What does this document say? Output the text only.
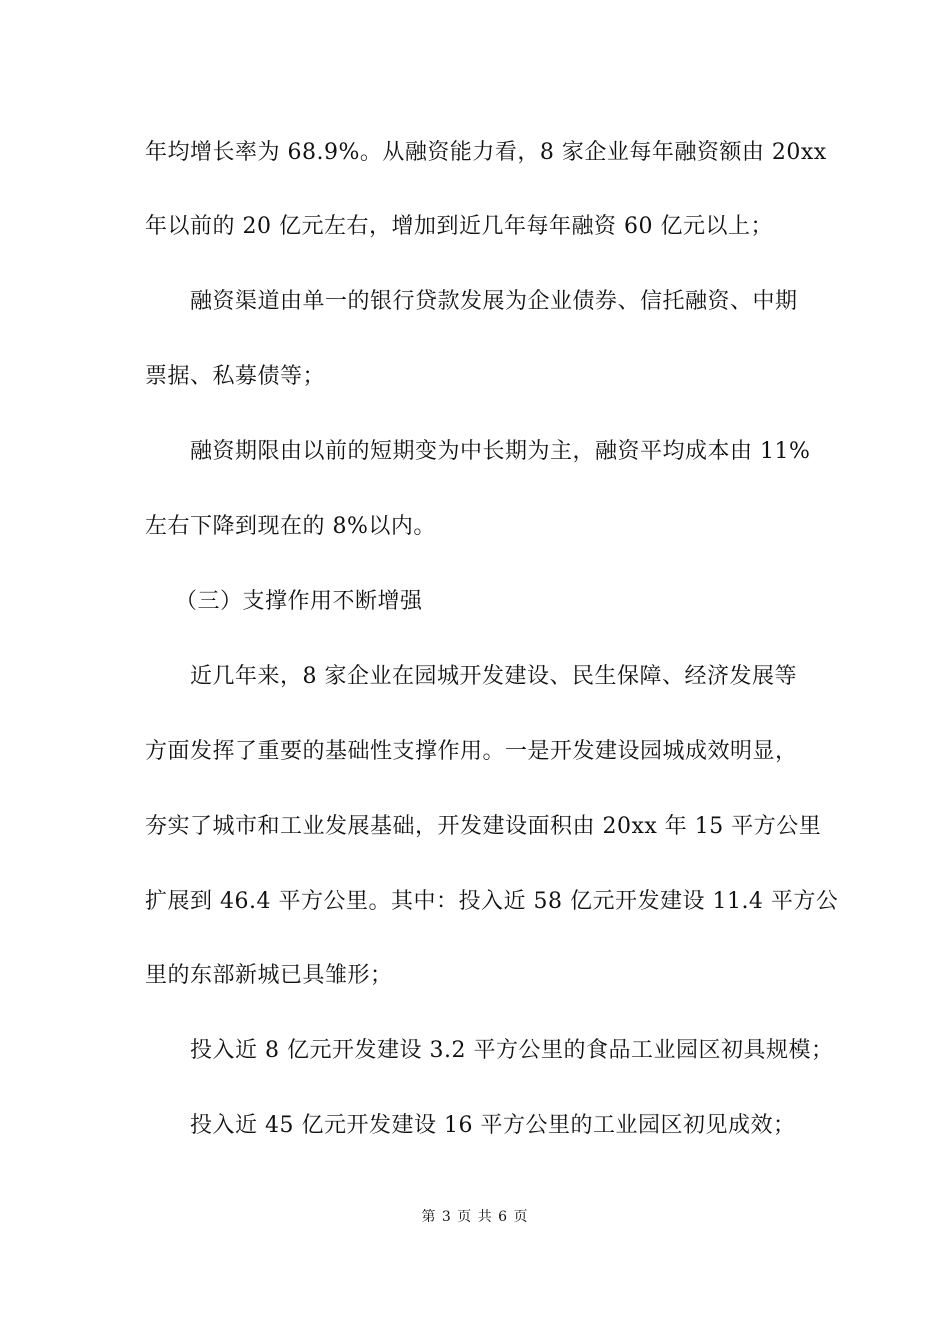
年均增长率为 68.9%。从融资能力看，8 家企业每年融资额由 20xx
年以前的 20 亿元左右，增加到近几年每年融资 60 亿元以上；
融资渠道由单一的银行贷款发展为企业债券、信托融资、中期
票据、私募债等；
融资期限由以前的短期变为中长期为主，融资平均成本由 11%
左右下降到现在的 8%以内。
（三）支撑作用不断增强
近几年来，8 家企业在园城开发建设、民生保障、经济发展等
方面发挥了重要的基础性支撑作用。一是开发建设园城成效明显，
夯实了城市和工业发展基础，开发建设面积由 20xx 年 15 平方公里
扩展到 46.4 平方公里。其中：投入近 58 亿元开发建设 11.4 平方公
里的东部新城已具雏形；
投入近 8 亿元开发建设 3.2 平方公里的食品工业园区初具规模；
投入近 45 亿元开发建设 16 平方公里的工业园区初见成效；
第 3 页 共 6 页
